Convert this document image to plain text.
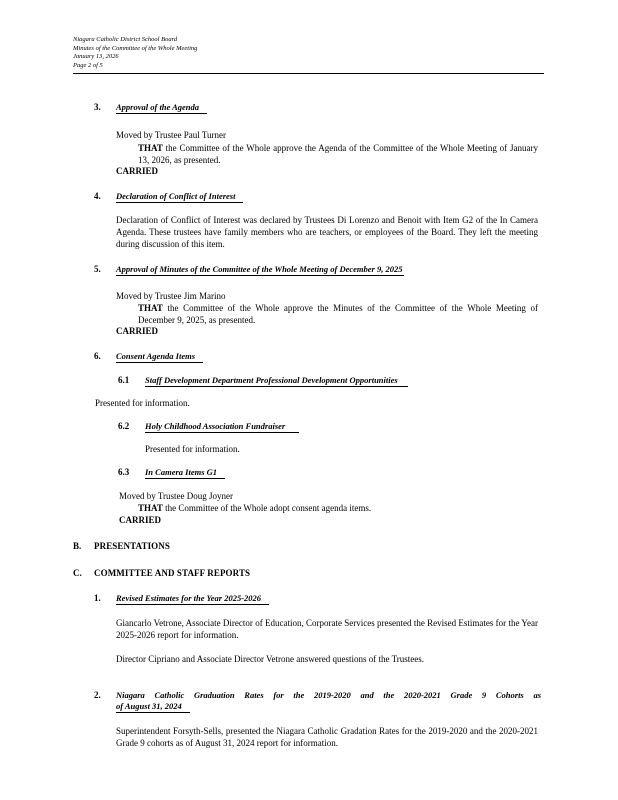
Niagara Catholic District School Board
Minutes of the Committee of the Whole Meeting
January 13, 2026
Page 2 of 5
3. Approval of the Agenda
Moved by Trustee Paul Turner
THAT the Committee of the Whole approve the Agenda of the Committee of the Whole Meeting of January 13, 2026, as presented.
CARRIED
4. Declaration of Conflict of Interest
Declaration of Conflict of Interest was declared by Trustees Di Lorenzo and Benoit with Item G2 of the In Camera Agenda. These trustees have family members who are teachers, or employees of the Board. They left the meeting during discussion of this item.
5. Approval of Minutes of the Committee of the Whole Meeting of December 9, 2025
Moved by Trustee Jim Marino
THAT the Committee of the Whole approve the Minutes of the Committee of the Whole Meeting of December 9, 2025, as presented.
CARRIED
6. Consent Agenda Items
6.1 Staff Development Department Professional Development Opportunities
Presented for information.
6.2 Holy Childhood Association Fundraiser
Presented for information.
6.3 In Camera Items G1
Moved by Trustee Doug Joyner
THAT the Committee of the Whole adopt consent agenda items.
CARRIED
B. PRESENTATIONS
C. COMMITTEE AND STAFF REPORTS
1. Revised Estimates for the Year 2025-2026
Giancarlo Vetrone, Associate Director of Education, Corporate Services presented the Revised Estimates for the Year 2025-2026 report for information.
Director Cipriano and Associate Director Vetrone answered questions of the Trustees.
2. Niagara Catholic Graduation Rates for the 2019-2020 and the 2020-2021 Grade 9 Cohorts as
of August 31, 2024
Superintendent Forsyth-Sells, presented the Niagara Catholic Gradation Rates for the 2019-2020 and the 2020-2021 Grade 9 cohorts as of August 31, 2024 report for information.
